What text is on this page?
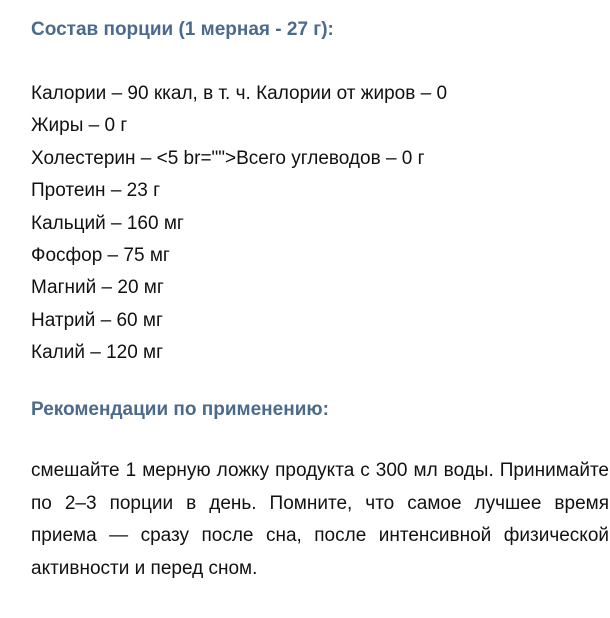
Состав порции (1 мерная - 27 г):
Калории – 90 ккал, в т. ч. Калории от жиров – 0
Жиры – 0 г
Холестерин – <5 br="">Всего углеводов – 0 г
Протеин – 23 г
Кальций – 160 мг
Фосфор – 75 мг
Магний – 20 мг
Натрий – 60 мг
Калий – 120 мг
Рекомендации по применению:

смешайте 1 мерную ложку продукта с 300 мл воды. Принимайте по 2–3 порции в день. Помните, что самое лучшее время приема — сразу после сна, после интенсивной физической активности и перед сном.
